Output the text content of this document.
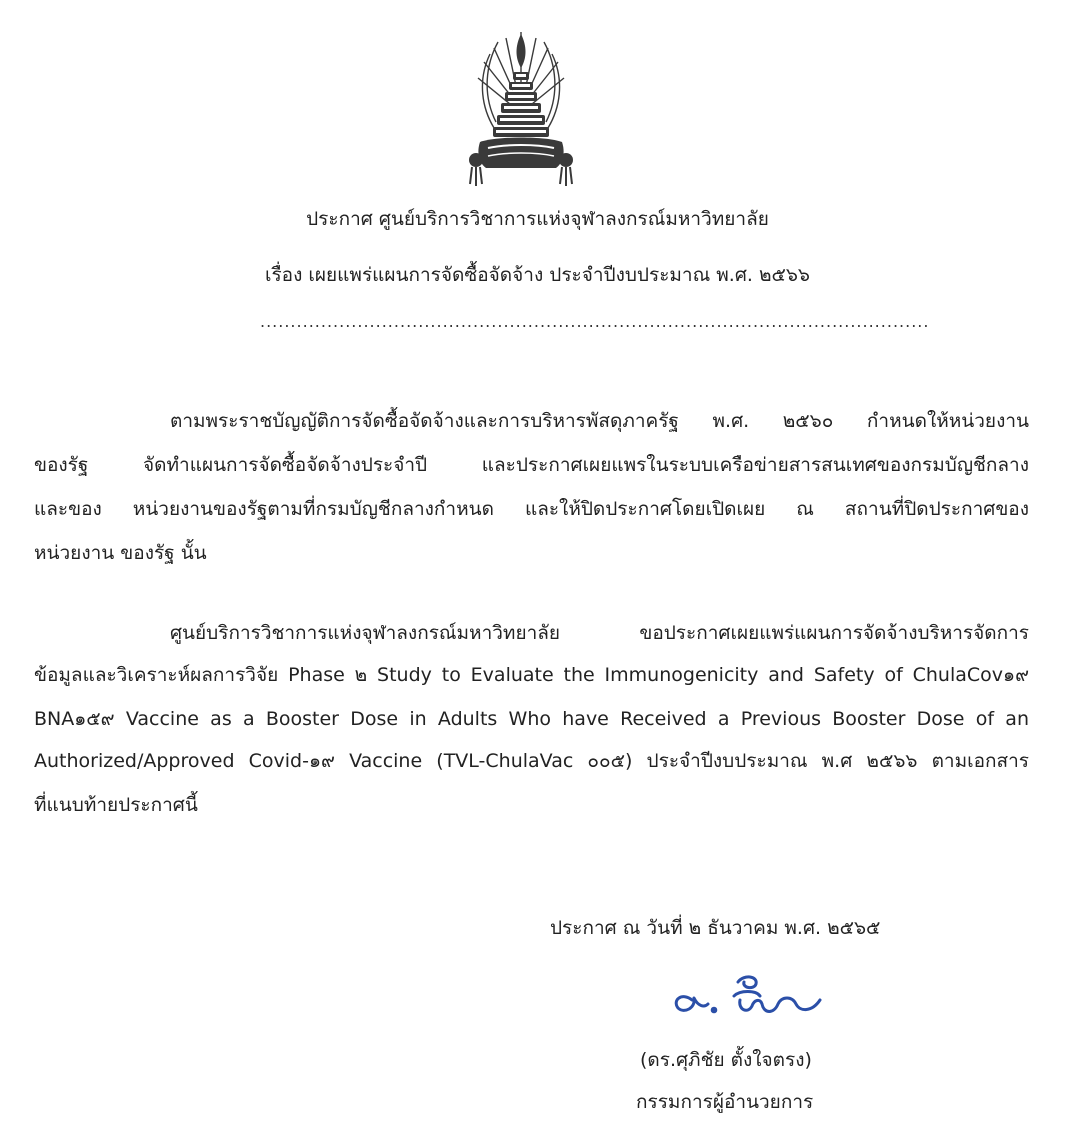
ประกาศ ศูนย์บริการวิชาการแห่งจุฬาลงกรณ์มหาวิทยาลัย
เรื่อง เผยแพร่แผนการจัดซื้อจัดจ้าง ประจำปีงบประมาณ พ.ศ. ๒๕๖๖
..............................................................................................................
ตามพระราชบัญญัติการจัดซื้อจัดจ้างและการบริหารพัสดุภาครัฐ พ.ศ. ๒๕๖๐ กำหนดให้หน่วยงาน
ของรัฐ จัดทำแผนการจัดซื้อจัดจ้างประจำปี และประกาศเผยแพรในระบบเครือข่ายสารสนเทศของกรมบัญชีกลาง
และของ หน่วยงานของรัฐตามที่กรมบัญชีกลางกำหนด และให้ปิดประกาศโดยเปิดเผย ณ สถานที่ปิดประกาศของ
หน่วยงาน ของรัฐ นั้น
ศูนย์บริการวิชาการแห่งจุฬาลงกรณ์มหาวิทยาลัย ขอประกาศเผยแพร่แผนการจัดจ้างบริหารจัดการ
ข้อมูลและวิเคราะห์ผลการวิจัย Phase ๒ Study to Evaluate the Immunogenicity and Safety of ChulaCov๑๙
BNA๑๕๙ Vaccine as a Booster Dose in Adults Who have Received a Previous Booster Dose of an
Authorized/Approved Covid-๑๙ Vaccine (TVL-ChulaVac ๐๐๕) ประจำปีงบประมาณ พ.ศ ๒๕๖๖ ตามเอกสาร
ที่แนบท้ายประกาศนี้
ประกาศ ณ วันที่ ๒ ธันวาคม พ.ศ. ๒๕๖๕
(ดร.ศุภิชัย ตั้งใจตรง)
กรรมการผู้อำนวยการ
